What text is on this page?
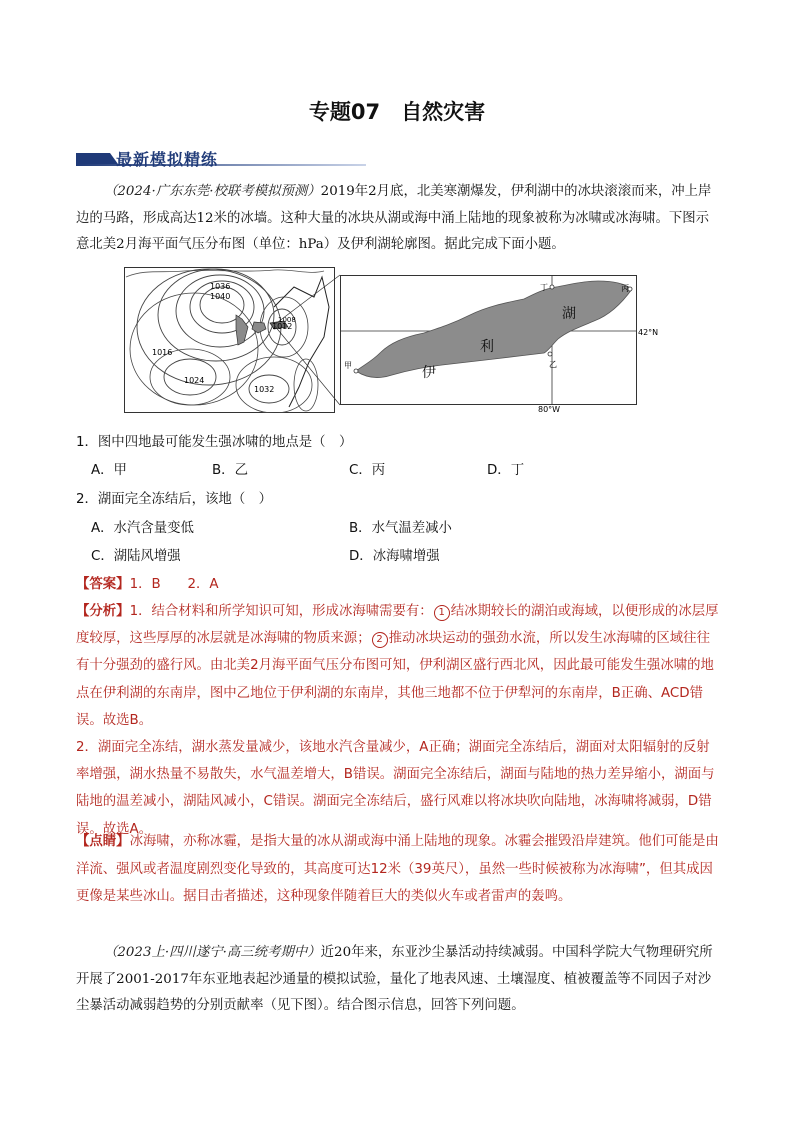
专题07　自然灾害
最新模拟精练
（2024·广东东莞·校联考模拟预测）2019年2月底，北美寒潮爆发，伊利湖中的冰块滚滚而来，冲上岸边的马路，形成高达12米的冰墙。这种大量的冰块从湖或海中涌上陆地的现象被称为冰啸或冰海啸。下图示意北美2月海平面气压分布图（单位：hPa）及伊利湖轮廓图。据此完成下面小题。
1036
1040
1012
1008
1016
1024
1032
湖
利
伊
甲	乙
丙
丁
42°N
80°W
1．图中四地最可能发生强冰啸的地点是（　）
A．甲	B．乙	C．丙	D．丁
2．湖面完全冻结后，该地（　）
A．水汽含量变低	B．水气温差减小
C．湖陆风增强	D．冰海啸增强
【答案】1．B　　2．A
【分析】1．结合材料和所学知识可知，形成冰海啸需要有： 1 结冰期较长的湖泊或海域，以便形成的冰层厚度较厚，这些厚厚的冰层就是冰海啸的物质来源； 2 推动冰块运动的强劲水流，所以发生冰海啸的区域往往有十分强劲的盛行风。由北美2月海平面气压分布图可知，伊利湖区盛行西北风，因此最可能发生强冰啸的地点在伊利湖的东南岸，图中乙地位于伊利湖的东南岸，其他三地都不位于伊犁河的东南岸，B正确、ACD错误。故选B。
2．湖面完全冻结，湖水蒸发量减少，该地水汽含量减少，A正确；湖面完全冻结后，湖面对太阳辐射的反射率增强，湖水热量不易散失，水气温差增大，B错误。湖面完全冻结后，湖面与陆地的热力差异缩小，湖面与陆地的温差减小，湖陆风减小，C错误。湖面完全冻结后，盛行风难以将冰块吹向陆地，冰海啸将减弱，D错误。故选A。
【点睛】冰海啸，亦称冰霾，是指大量的冰从湖或海中涌上陆地的现象。冰霾会摧毁沿岸建筑。他们可能是由洋流、强风或者温度剧烈变化导致的，其高度可达12米（39英尺），虽然一些时候被称为冰海啸”，但其成因更像是某些冰山。据目击者描述，这种现象伴随着巨大的类似火车或者雷声的轰鸣。
（2023上·四川遂宁·高三统考期中）近20年来，东亚沙尘暴活动持续减弱。中国科学院大气物理研究所开展了2001-2017年东亚地表起沙通量的模拟试验，量化了地表风速、土壤湿度、植被覆盖等不同因子对沙尘暴活动减弱趋势的分别贡献率（见下图）。结合图示信息，回答下列问题。
